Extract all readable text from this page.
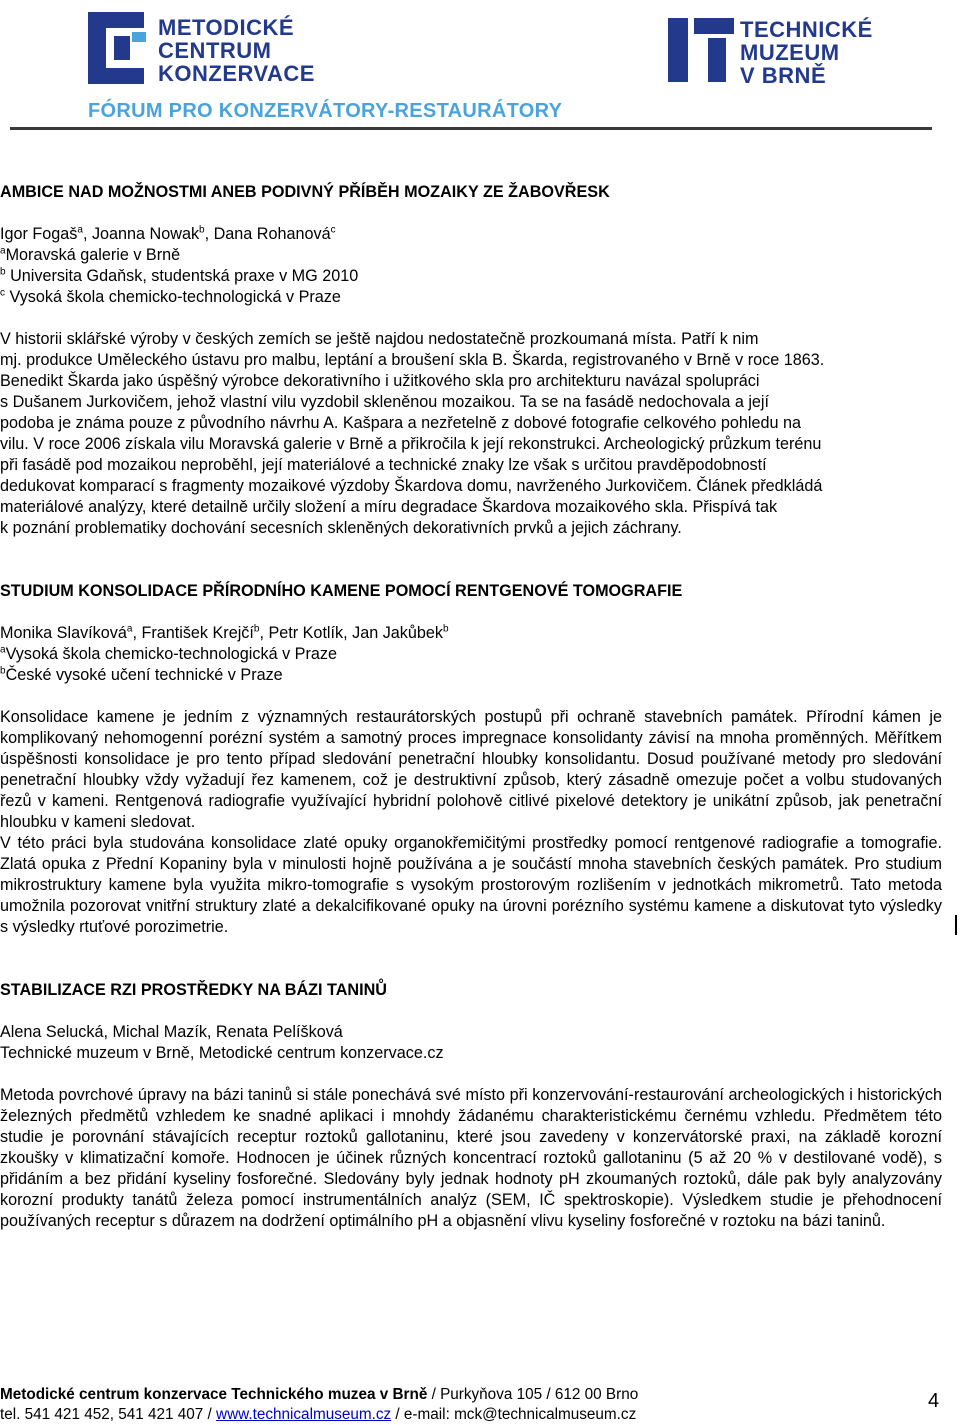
METODICKÉ
CENTRUM
KONZERVACE
TECHNICKÉ
MUZEUM
V BRNĚ
FÓRUM PRO KONZERVÁTORY-RESTAURÁTORY
AMBICE NAD MOŽNOSTMI ANEB PODIVNÝ PŘÍBĚH MOZAIKY ZE ŽABOVŘESK

Igor Fogaš$^a$, Joanna Nowak$^b$, Dana Rohanová$^c$

$^a$Moravská galerie v Brně

$^b$ Universita Gdaňsk, studentská praxe v MG 2010

$^c$ Vysoká škola chemicko-technologická v Praze

V historii sklářské výroby v českých zemích se ještě najdou nedostatečně prozkoumaná místa. Patří k nim
mj. produkce Uměleckého ústavu pro malbu, leptání a broušení skla B. Škarda, registrovaného v Brně v roce 1863.
Benedikt Škarda jako úspěšný výrobce dekorativního i užitkového skla pro architekturu navázal spolupráci
s Dušanem Jurkovičem, jehož vlastní vilu vyzdobil skleněnou mozaikou. Ta se na fasádě nedochovala a její
podoba je známa pouze z původního návrhu A. Kašpara a nezřetelně z dobové fotografie celkového pohledu na
vilu. V roce 2006 získala vilu Moravská galerie v Brně a přikročila k její rekonstrukci. Archeologický průzkum terénu
při fasádě pod mozaikou neproběhl, její materiálové a technické znaky lze však s určitou pravděpodobností
dedukovat komparací s fragmenty mozaikové výzdoby Škardova domu, navrženého Jurkovičem. Článek předkládá
materiálové analýzy, které detailně určily složení a míru degradace Škardova mozaikového skla. Přispívá tak
k poznání problematiky dochování secesních skleněných dekorativních prvků a jejich záchrany.
STUDIUM KONSOLIDACE PŘÍRODNÍHO KAMENE POMOCÍ RENTGENOVÉ TOMOGRAFIE

Monika Slavíková$^a$, František Krejčí$^b$, Petr Kotlík, Jan Jakůbek$^b$

$^a$Vysoká škola chemicko-technologická v Praze

$^b$České vysoké učení technické v Praze

Konsolidace kamene je jedním z významných restaurátorských postupů při ochraně stavebních památek. Přírodní kámen je komplikovaný nehomogenní porézní systém a samotný proces impregnace konsolidanty závisí na mnoha proměnných. Měřítkem úspěšnosti konsolidace je pro tento případ sledování penetrační hloubky konsolidantu. Dosud používané metody pro sledování penetrační hloubky vždy vyžadují řez kamenem, což je destruktivní způsob, který zásadně omezuje počet a volbu studovaných řezů v kameni. Rentgenová radiografie využívající hybridní polohově citlivé pixelové detektory je unikátní způsob, jak penetrační hloubku v kameni sledovat.

V této práci byla studována konsolidace zlaté opuky organokřemičitými prostředky pomocí rentgenové radiografie a tomografie. Zlatá opuka z Přední Kopaniny byla v minulosti hojně používána a je součástí mnoha stavebních českých památek. Pro studium mikrostruktury kamene byla využita mikro-tomografie s vysokým prostorovým rozlišením v jednotkách mikrometrů. Tato metoda umožnila pozorovat vnitřní struktury zlaté a dekalcifikované opuky na úrovni porézního systému kamene a diskutovat tyto výsledky s výsledky rtuťové porozimetrie.

STABILIZACE RZI PROSTŘEDKY NA BÁZI TANINŮ

Alena Selucká, Michal Mazík, Renata Pelíšková

Technické muzeum v Brně, Metodické centrum konzervace.cz

Metoda povrchové úpravy na bázi taninů si stále ponechává své místo při konzervování-restaurování archeologických i historických železných předmětů vzhledem ke snadné aplikaci i mnohdy žádanému charakteristickému černému vzhledu. Předmětem této studie je porovnání stávajících receptur roztoků gallotaninu, které jsou zavedeny v konzervátorské praxi, na základě korozní zkoušky v klimatizační komoře. Hodnocen je účinek různých koncentrací roztoků gallotaninu (5 až 20 % v destilované vodě), s přidáním a bez přidání kyseliny fosforečné. Sledovány byly jednak hodnoty pH zkoumaných roztoků, dále pak byly analyzovány korozní produkty tanátů železa pomocí instrumentálních analýz (SEM, IČ spektroskopie). Výsledkem studie je přehodnocení používaných receptur s důrazem na dodržení optimálního pH a objasnění vlivu kyseliny fosforečné v roztoku na bázi taninů.

Metodické centrum konzervace Technického muzea v Brně / Purkyňova 105 / 612 00 Brno
tel. 541 421 452, 541 421 407 / www.technicalmuseum.cz / e-mail: mck@technicalmuseum.cz
4
